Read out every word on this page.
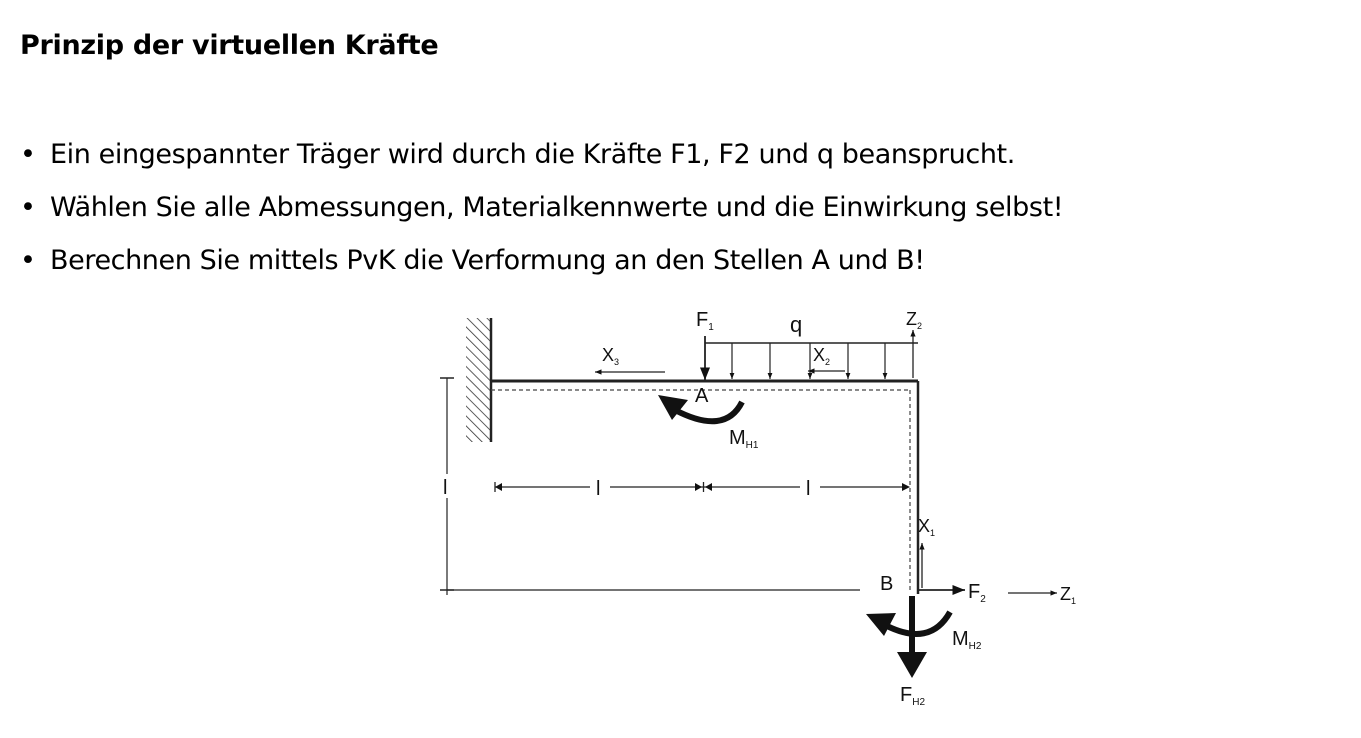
Prinzip der virtuellen Kräfte
• Ein eingespannter Träger wird durch die Kräfte F1, F2 und q beansprucht.
• Wählen Sie alle Abmessungen, Materialkennwerte und die Einwirkung selbst!
• Berechnen Sie mittels PvK die Verformung an den Stellen A und B!
$F_1$	q	$Z_2$
$X_3$	$X_2$
A
$M_{H1}$
l	l	l
$X_1$
B	$F_2$	$Z_1$
$M_{H2}$
$F_{H2}$
